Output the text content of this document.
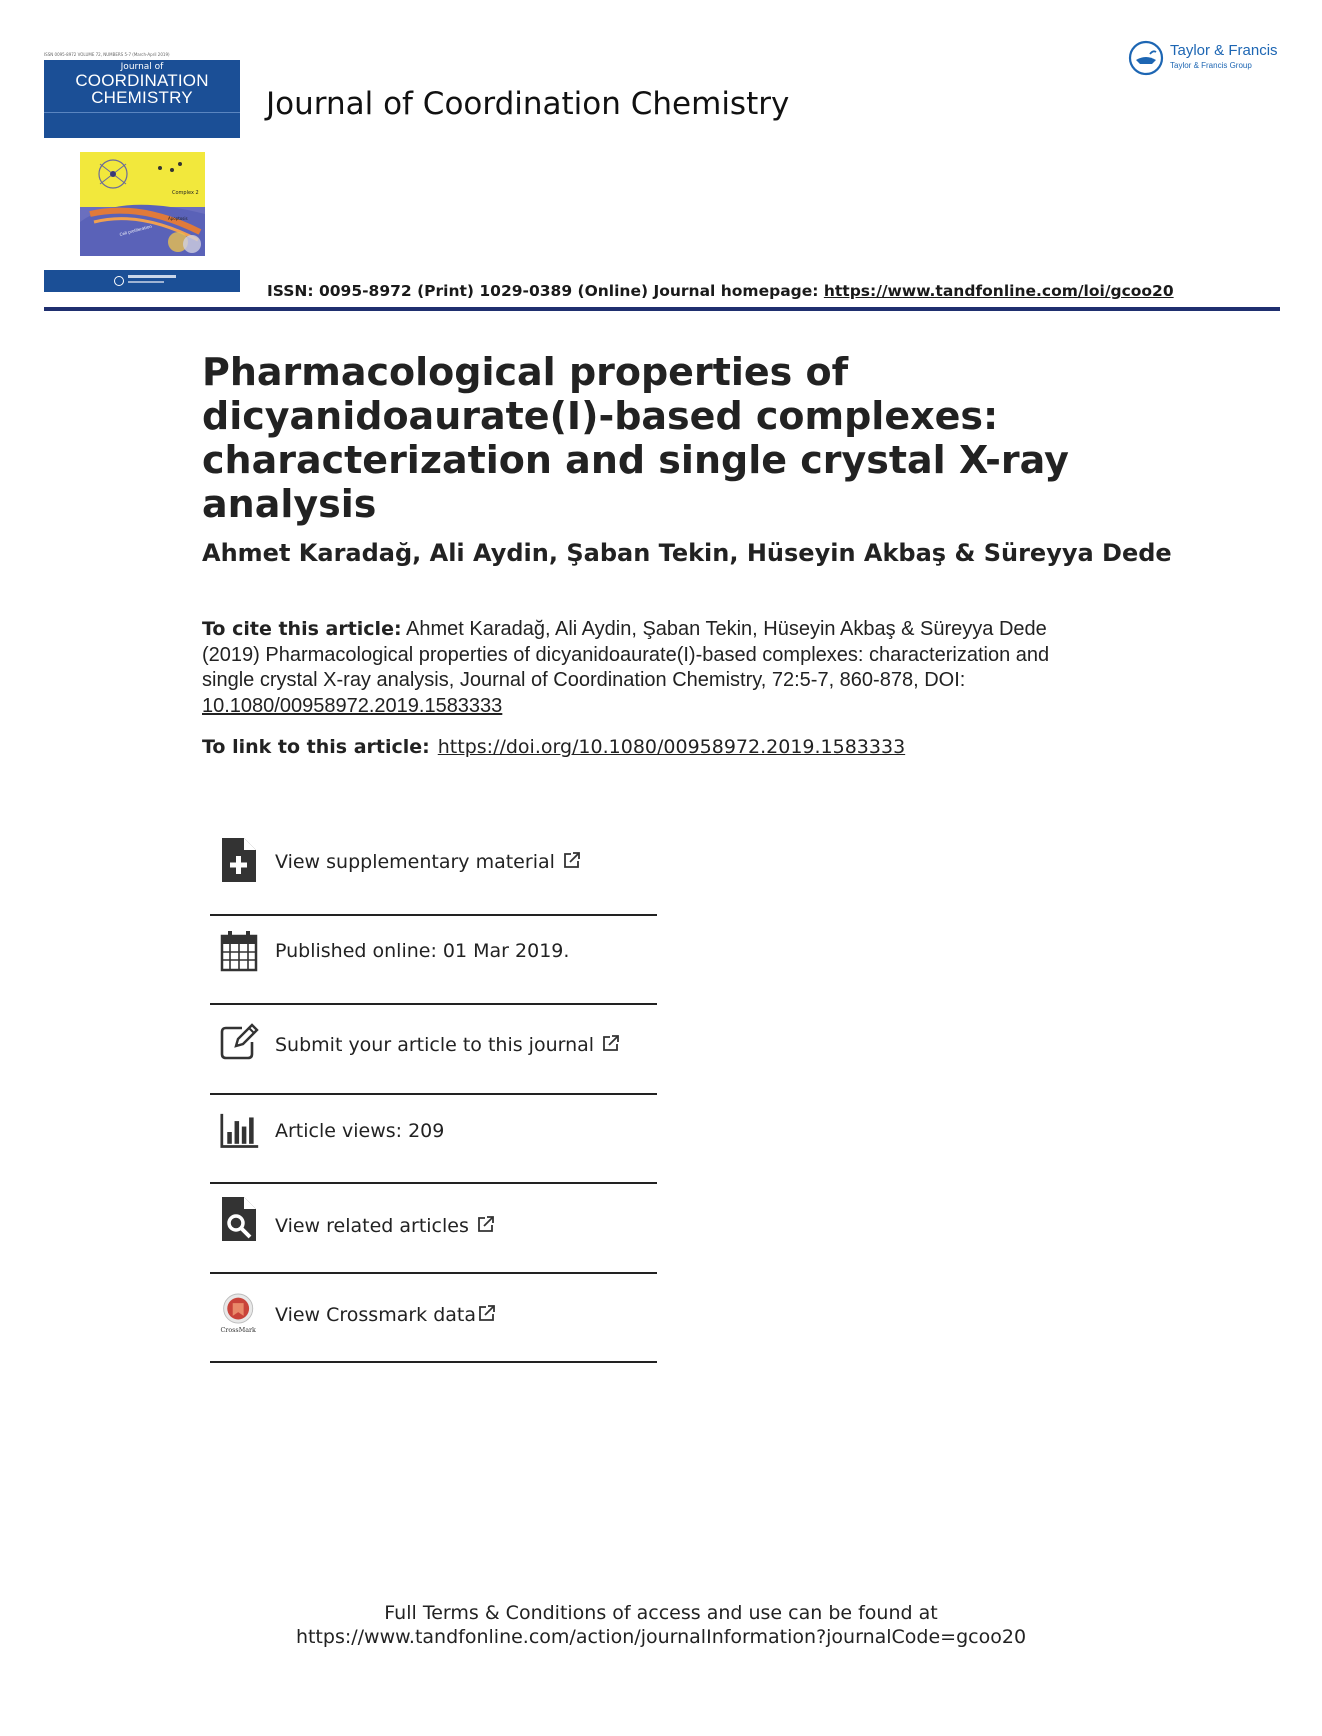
ISSN 0095-8972 VOLUME 72, NUMBERS 5-7 (March-April 2019)
Journal of
COORDINATION
CHEMISTRY
Complex 2
Apoptosis
Cell proliferation
Journal of Coordination Chemistry
Taylor & Francis
Taylor & Francis Group
ISSN: 0095-8972 (Print) 1029-0389 (Online) Journal homepage: https://www.tandfonline.com/loi/gcoo20
Pharmacological properties of dicyanidoaurate(I)-based complexes: characterization and single crystal X-ray analysis
Ahmet Karadağ, Ali Aydin, Şaban Tekin, Hüseyin Akbaş & Süreyya Dede
To cite this article: Ahmet Karadağ, Ali Aydin, Şaban Tekin, Hüseyin Akbaş & Süreyya Dede (2019) Pharmacological properties of dicyanidoaurate(I)-based complexes: characterization and single crystal X-ray analysis, Journal of Coordination Chemistry, 72:5-7, 860-878, DOI: 10.1080/00958972.2019.1583333
To link to this article: https://doi.org/10.1080/00958972.2019.1583333
View supplementary material
Published online: 01 Mar 2019.
Submit your article to this journal
Article views: 209
View related articles
CrossMark
View Crossmark data
Full Terms & Conditions of access and use can be found at
https://www.tandfonline.com/action/journalInformation?journalCode=gcoo20
